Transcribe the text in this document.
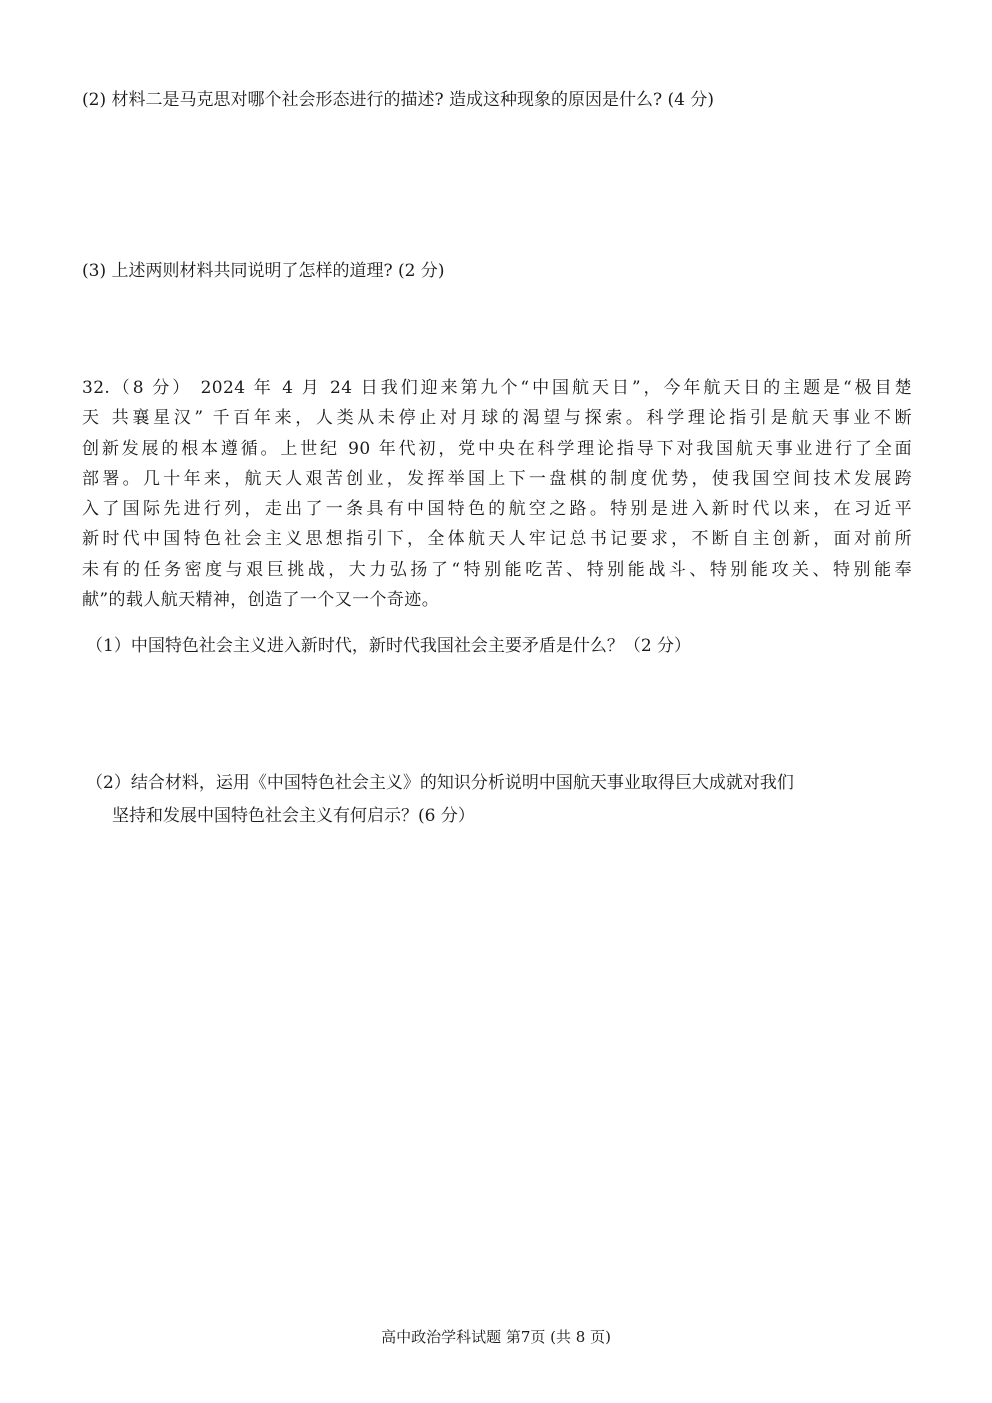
(2) 材料二是马克思对哪个社会形态进行的描述? 造成这种现象的原因是什么? (4 分)

(3) 上述两则材料共同说明了怎样的道理? (2 分)

32.（8 分） 2024 年 4 月 24 日我们迎来第九个“中国航天日”，今年航天日的主题是“极目楚
天 共襄星汉” 千百年来，人类从未停止对月球的渴望与探索。科学理论指引是航天事业不断
创新发展的根本遵循。上世纪 90 年代初，党中央在科学理论指导下对我国航天事业进行了全面
部署。几十年来，航天人艰苦创业，发挥举国上下一盘棋的制度优势，使我国空间技术发展跨
入了国际先进行列，走出了一条具有中国特色的航空之路。特别是进入新时代以来，在习近平
新时代中国特色社会主义思想指引下，全体航天人牢记总书记要求，不断自主创新，面对前所
未有的任务密度与艰巨挑战，大力弘扬了“特别能吃苦、特别能战斗、特别能攻关、特别能奉
献”的载人航天精神，创造了一个又一个奇迹。

（1）中国特色社会主义进入新时代，新时代我国社会主要矛盾是什么？（2 分）

（2）结合材料，运用《中国特色社会主义》的知识分析说明中国航天事业取得巨大成就对我们

坚持和发展中国特色社会主义有何启示？(6 分）

高中政治学科试题 第7页 (共 8 页)
